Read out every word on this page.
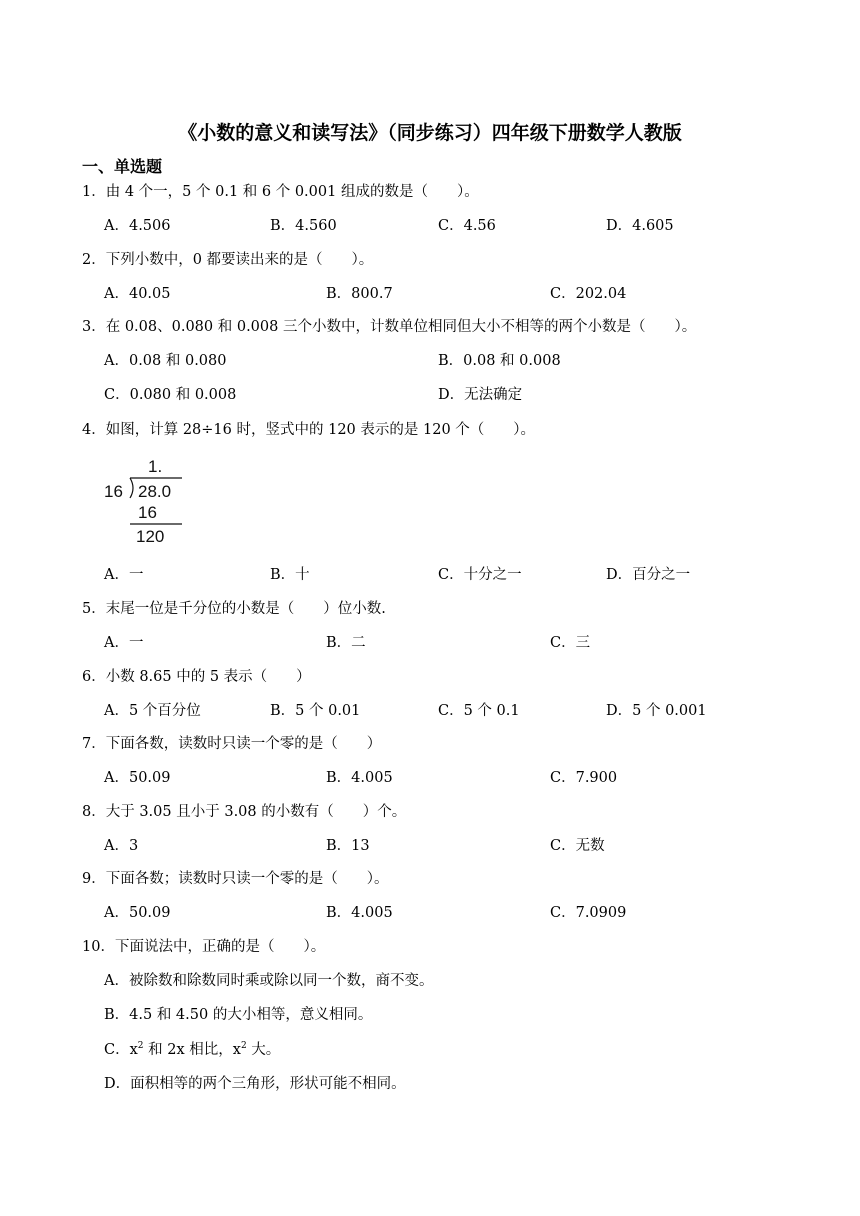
《小数的意义和读写法》（同步练习）四年级下册数学人教版
一、单选题
1．由 4 个一，5 个 0.1 和 6 个 0.001 组成的数是（　　）。
A．4.506	B．4.560	C．4.56	D．4.605
2．下列小数中，0 都要读出来的是（　　）。
A．40.05	B．800.7	C．202.04
3．在 0.08、0.080 和 0.008 三个小数中，计数单位相同但大小不相等的两个小数是（　　）。
A．0.08 和 0.080	B．0.08 和 0.008
C．0.080 和 0.008	D．无法确定
4．如图，计算 28÷16 时，竖式中的 120 表示的是 120 个（　　）。
1.
16 28.0
16
120
A．一	B．十	C．十分之一	D．百分之一
5．末尾一位是千分位的小数是（　　）位小数.
A．一	B．二	C．三
6．小数 8.65 中的 5 表示（　　）
A．5 个百分位	B．5 个 0.01	C．5 个 0.1	D．5 个 0.001
7．下面各数，读数时只读一个零的是（　　）
A．50.09	B．4.005	C．7.900
8．大于 3.05 且小于 3.08 的小数有（　　）个。
A．3	B．13	C．无数
9．下面各数；读数时只读一个零的是（　　）。
A．50.09	B．4.005	C．7.0909
10．下面说法中，正确的是（　　）。
A．被除数和除数同时乘或除以同一个数，商不变。
B．4.5 和 4.50 的大小相等，意义相同。
C．$x^2$ 和 2x 相比，$x^2$ 大。
D．面积相等的两个三角形，形状可能不相同。
